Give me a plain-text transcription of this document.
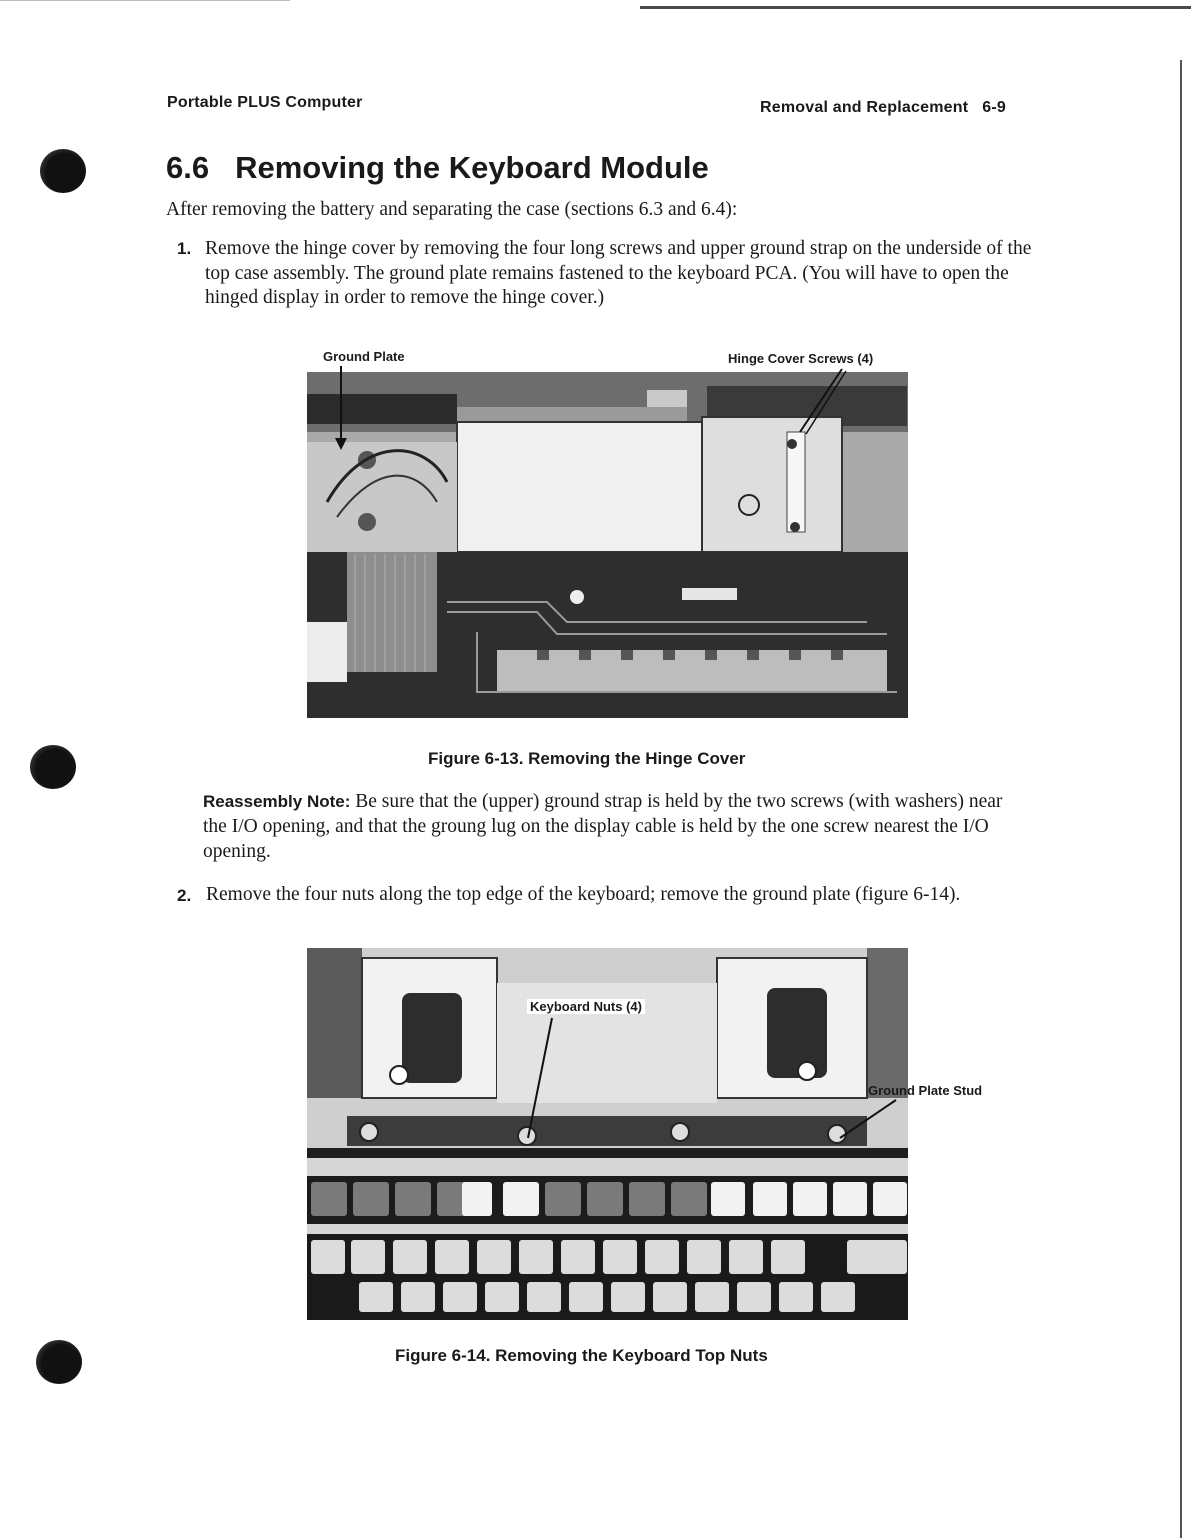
Portable PLUS Computer	Removal and Replacement 6-9
6.6 Removing the Keyboard Module
After removing the battery and separating the case (sections 6.3 and 6.4):
1. Remove the hinge cover by removing the four long screws and upper ground strap on the underside of the top case assembly. The ground plate remains fastened to the keyboard PCA. (You will have to open the hinged display in order to remove the hinge cover.)
Ground Plate	Hinge Cover Screws (4)
Figure 6-13. Removing the Hinge Cover
Reassembly Note: Be sure that the (upper) ground strap is held by the two screws (with washers) near the I/O opening, and that the groung lug on the display cable is held by the one screw nearest the I/O opening.
2. Remove the four nuts along the top edge of the keyboard; remove the ground plate (figure 6-14).
Keyboard Nuts (4)
Ground Plate Stud
Figure 6-14. Removing the Keyboard Top Nuts
